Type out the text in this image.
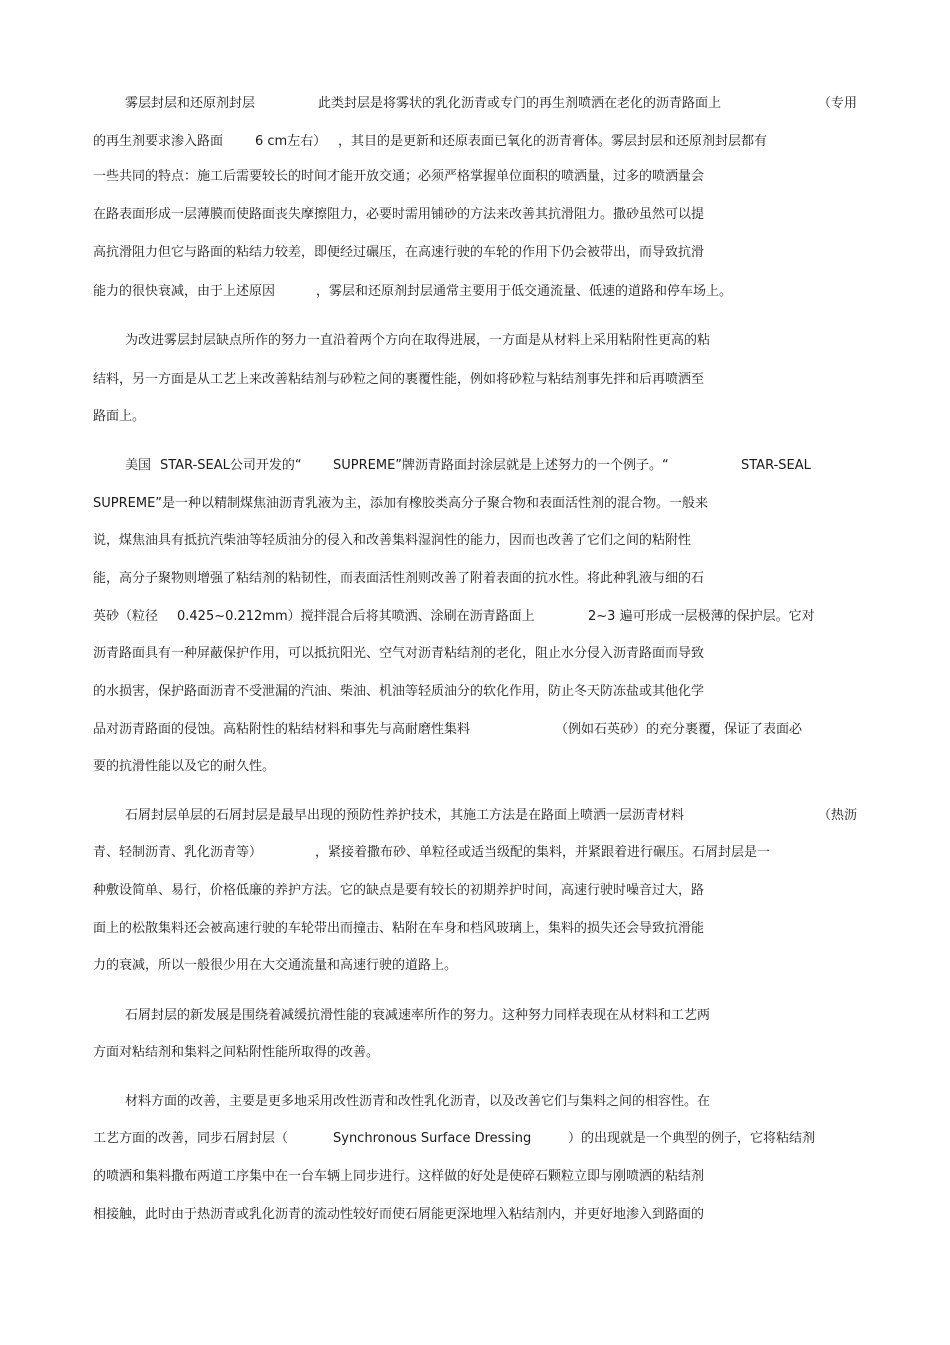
雾层封层和还原剂封层	此类封层是将雾状的乳化沥青或专门的再生剂喷洒在老化的沥青路面上	（专用
的再生剂要求渗入路面 6 cm左右） ，其目的是更新和还原表面已氧化的沥青膏体。雾层封层和还原剂封层都有
一些共同的特点：施工后需要较长的时间才能开放交通；必须严格掌握单位面积的喷洒量，过多的喷洒量会
在路表面形成一层薄膜而使路面丧失摩擦阻力，必要时需用铺砂的方法来改善其抗滑阻力。撒砂虽然可以提
高抗滑阻力但它与路面的粘结力较差，即便经过碾压，在高速行驶的车轮的作用下仍会被带出，而导致抗滑
能力的很快衰减，由于上述原因	，雾层和还原剂封层通常主要用于低交通流量、低速的道路和停车场上。
为改进雾层封层缺点所作的努力一直沿着两个方向在取得进展，一方面是从材料上采用粘附性更高的粘
结料，另一方面是从工艺上来改善粘结剂与砂粒之间的裹覆性能，例如将砂粒与粘结剂事先拌和后再喷洒至
路面上。
美国 STAR-SEAL公司开发的“ SUPREME”牌沥青路面封涂层就是上述努力的一个例子。“	STAR-SEAL
SUPREME”是一种以精制煤焦油沥青乳液为主，添加有橡胶类高分子聚合物和表面活性剂的混合物。一般来
说，煤焦油具有抵抗汽柴油等轻质油分的侵入和改善集料湿润性的能力，因而也改善了它们之间的粘附性
能，高分子聚物则增强了粘结剂的粘韧性，而表面活性剂则改善了附着表面的抗水性。将此种乳液与细的石
英砂（粒径 0.425~0.212mm）搅拌混合后将其喷洒、涂刷在沥青路面上	2~3 遍可形成一层极薄的保护层。它对
沥青路面具有一种屏蔽保护作用，可以抵抗阳光、空气对沥青粘结剂的老化，阻止水分侵入沥青路面而导致
的水损害，保护路面沥青不受泄漏的汽油、柴油、机油等轻质油分的软化作用，防止冬天防冻盐或其他化学
品对沥青路面的侵蚀。高粘附性的粘结材料和事先与高耐磨性集料	（例如石英砂）的充分裹覆，保证了表面必
要的抗滑性能以及它的耐久性。
石屑封层单层的石屑封层是最早出现的预防性养护技术，其施工方法是在路面上喷洒一层沥青材料	（热沥
青、轻制沥青、乳化沥青等）	，紧接着撒布砂、单粒径或适当级配的集料，并紧跟着进行碾压。石屑封层是一
种敷设简单、易行，价格低廉的养护方法。它的缺点是要有较长的初期养护时间，高速行驶时噪音过大，路
面上的松散集料还会被高速行驶的车轮带出而撞击、粘附在车身和档风玻璃上，集料的损失还会导致抗滑能
力的衰减，所以一般很少用在大交通流量和高速行驶的道路上。
石屑封层的新发展是围绕着减缓抗滑性能的衰减速率所作的努力。这种努力同样表现在从材料和工艺两
方面对粘结剂和集料之间粘附性能所取得的改善。
材料方面的改善，主要是更多地采用改性沥青和改性乳化沥青，以及改善它们与集料之间的相容性。在
工艺方面的改善，同步石屑封层（	Synchronous Surface Dressing	）的出现就是一个典型的例子，它将粘结剂
的喷洒和集料撒布两道工序集中在一台车辆上同步进行。这样做的好处是使碎石颗粒立即与刚喷洒的粘结剂
相接触，此时由于热沥青或乳化沥青的流动性较好而使石屑能更深地埋入粘结剂内，并更好地渗入到路面的
